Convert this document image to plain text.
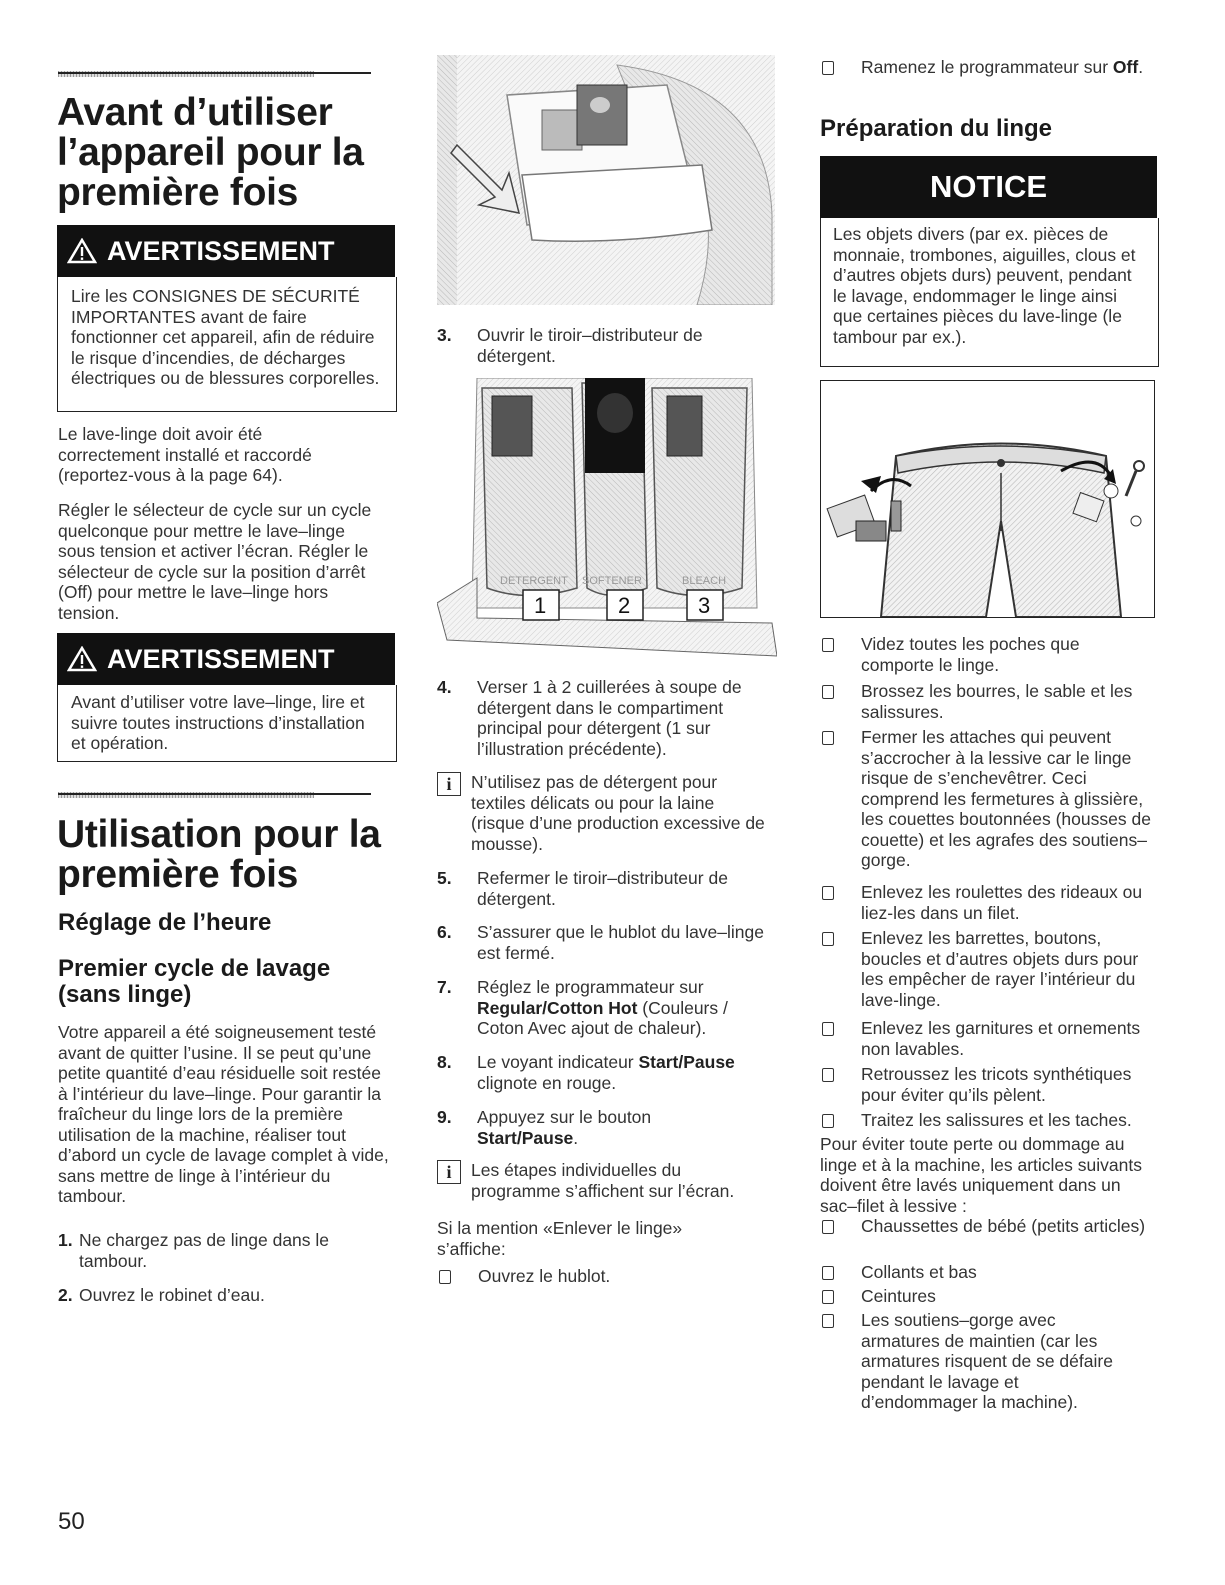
Avant d’utiliser l’appareil pour la première fois
AVERTISSEMENT

Lire les CONSIGNES DE SÉCURITÉ IMPORTANTES avant de faire fonctionner cet appareil, afin de réduire le risque d’incendies, de décharges électriques ou de blessures corporelles.

Le lave-linge doit avoir été correctement installé et raccordé (reportez-vous à la page 64).

Régler le sélecteur de cycle sur un cycle quelconque pour mettre le lave–linge sous tension et activer l’écran. Régler le sélecteur de cycle sur la position d’arrêt (Off) pour mettre le lave–linge hors tension.

AVERTISSEMENT

Avant d’utiliser votre lave–linge, lire et suivre toutes instructions d’installation et opération.

Utilisation pour la première fois
Réglage de l’heure
Premier cycle de lavage (sans linge)

Votre appareil a été soigneusement testé avant de quitter l’usine. Il se peut qu’une petite quantité d’eau résiduelle soit restée à l’intérieur du lave–linge. Pour garantir la fraîcheur du linge lors de la première utilisation de la machine, réaliser tout d’abord un cycle de lavage complet à vide, sans mettre de linge à l’intérieur du tambour.

1. Ne chargez pas de linge dans le tambour.
2. Ouvrez le robinet d’eau.
50
3.	Ouvrir le tiroir–distributeur de détergent.
DETERGENT SOFTENER	BLEACH
1	2	3
4.	Verser 1 à 2 cuillerées à soupe de détergent dans le compartiment principal pour détergent (1 sur l’illustration précédente).
i	N’utilisez pas de détergent pour textiles délicats ou pour la laine (risque d’une production excessive de mousse).
5.	Refermer le tiroir–distributeur de détergent.
6.	S’assurer que le hublot du lave–linge est fermé.
7.	Réglez le programmateur sur Regular/Cotton Hot (Couleurs / Coton Avec ajout de chaleur).
8.	Le voyant indicateur Start/Pause clignote en rouge.
9.	Appuyez sur le bouton Start/Pause.
i	Les étapes individuelles du programme s’affichent sur l’écran.

Si la mention «Enlever le linge» s’affiche:

Ouvrez le hublot.
Ramenez le programmateur sur Off.
Préparation du linge
NOTICE

Les objets divers (par ex. pièces de monnaie, trombones, aiguilles, clous et d’autres objets durs) peuvent, pendant le lavage, endommager le linge ainsi que certaines pièces du lave-linge (le tambour par ex.).

Videz toutes les poches que comporte le linge.
Brossez les bourres, le sable et les salissures.
Fermer les attaches qui peuvent s’accrocher à la lessive car le linge risque de s’enchevêtrer. Ceci comprend les fermetures à glissière, les couettes boutonnées (housses de couette) et les agrafes des soutiens–gorge.
Enlevez les roulettes des rideaux ou liez-les dans un filet.
Enlevez les barrettes, boutons, boucles et d’autres objets durs pour les empêcher de rayer l’intérieur du lave-linge.
Enlevez les garnitures et ornements non lavables.
Retroussez les tricots synthétiques pour éviter qu’ils pèlent.
Traitez les salissures et les taches.

Pour éviter toute perte ou dommage au linge et à la machine, les articles suivants doivent être lavés uniquement dans un sac–filet à lessive :

Chaussettes de bébé (petits articles)
Collants et bas
Ceintures
Les soutiens–gorge avec armatures de maintien (car les armatures risquent de se défaire pendant le lavage et d’endommager la machine).
